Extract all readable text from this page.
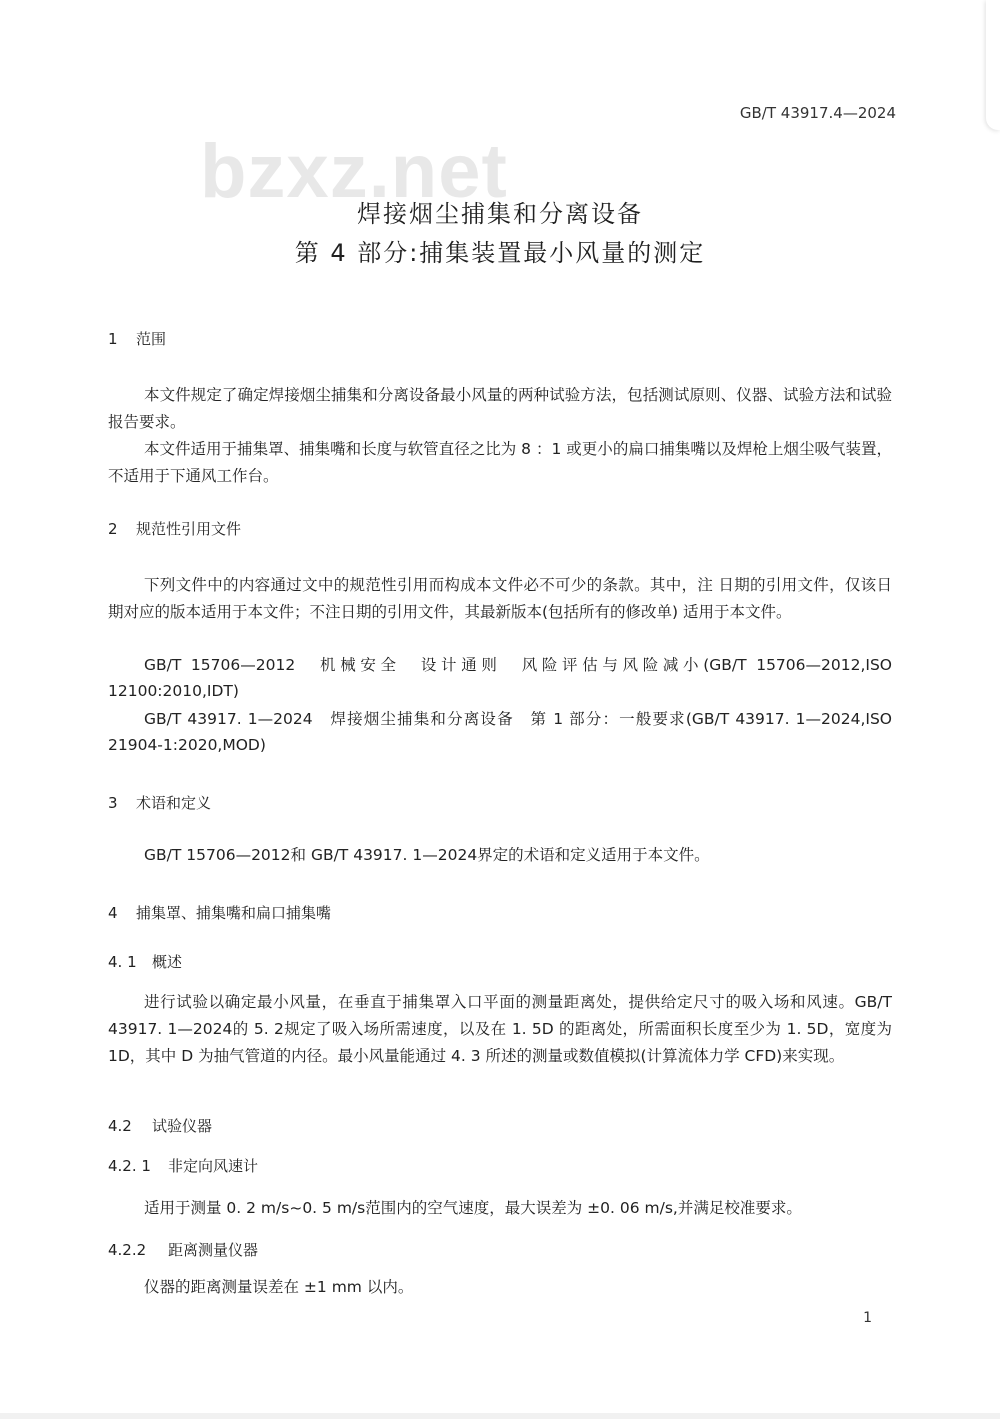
GB/T 43917.4—2024
bzxz.net
焊接烟尘捕集和分离设备
第 4 部分:捕集装置最小风量的测定
1 范围
本文件规定了确定焊接烟尘捕集和分离设备最小风量的两种试验方法，包括测试原则、仪器、试验方法和试验报告要求。
本文件适用于捕集罩、捕集嘴和长度与软管直径之比为 8 ：1 或更小的扁口捕集嘴以及焊枪上烟尘吸气装置，不适用于下通风工作台。
2 规范性引用文件
下列文件中的内容通过文中的规范性引用而构成本文件必不可少的条款。其中，注 日期的引用文件，仅该日期对应的版本适用于本文件；不注日期的引用文件，其最新版本(包括所有的修改单) 适用于本文件。
GB/T 15706—2012　机械安全　设计通则　风险评估与风险减小(GB/T 15706—2012,ISO 12100:2010,IDT)
GB/T 43917. 1—2024　焊接烟尘捕集和分离设备　第 1 部分：一般要求(GB/T 43917. 1—2024,ISO 21904-1:2020,MOD)
3 术语和定义
GB/T 15706—2012和 GB/T 43917. 1—2024界定的术语和定义适用于本文件。
4 捕集罩、捕集嘴和扁口捕集嘴
4. 1 概述
进行试验以确定最小风量，在垂直于捕集罩入口平面的测量距离处，提供给定尺寸的吸入场和风速。GB/T 43917. 1—2024的 5. 2规定了吸入场所需速度，以及在 1. 5D 的距离处，所需面积长度至少为 1. 5D，宽度为 1D，其中 D 为抽气管道的内径。最小风量能通过 4. 3 所述的测量或数值模拟(计算流体力学 CFD)来实现。
4.2 试验仪器
4.2. 1 非定向风速计
适用于测量 0. 2 m/s~0. 5 m/s范围内的空气速度，最大误差为 ±0. 06 m/s,并满足校准要求。
4.2.2 距离测量仪器
仪器的距离测量误差在 ±1 mm 以内。
1
